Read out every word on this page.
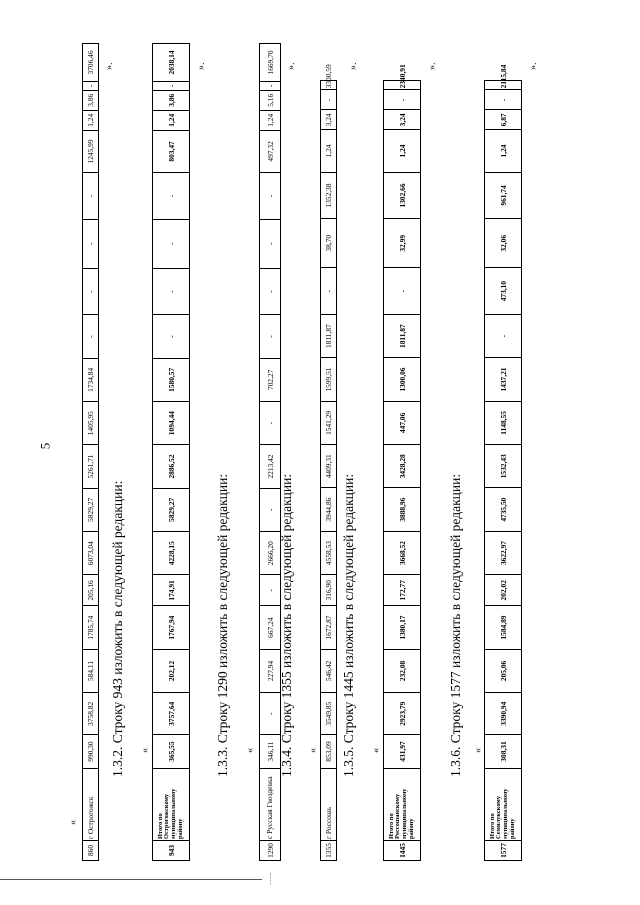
5
«
860	г Острогожск	990,30	3758,82	584,11	1785,74	205,16	6073,04	5829,27	5261,71	1405,95	1734,84	-	-	-	-	1245,99	1,24	3,86	-	3706,46 ».
1.3.2. Строку 943 изложить в следующей редакции: «
943	Итого по Острогожскому муниципальному району	365,55	3757,64	202,12	1767,94	174,91	4228,15	5829,27	2886,52	1094,44	1580,57	-	-	-	-	803,47	1,24	3,86	-	2038,14 ».
1.3.3. Строку 1290 изложить в следующей редакции: «
1290	с Русская Гвоздевка	346,11	-	227,94	667,24	-	2666,20	-	2213,42	-	702,27	-	-	-	-	497,32	1,24	5,16	-	1669,70 ».
1.3.4. Строку 1355 изложить в следующей редакции: «
1355	г Россошь	853,09	3549,85	546,42	1672,87	316,90	4558,53	3944,86	4409,31	1541,29	1599,51	1811,87	-	38,70	1352,38	1,24	3,24	-	3300,59 ».
1.3.5. Строку 1445 изложить в следующей редакции: «
1445	Итого по Россошанскому муниципальному району	431,97	2923,79	232,08	1380,17	172,77	3668,52	3888,96	3428,28	447,06	1300,06	1811,87	-	32,99	1302,66	1,24	3,24	-	2340,91 ».
1.3.6. Строку 1577 изложить в следующей редакции: «
1577	Итого по Семилукскому муниципальному району	308,31	3390,94	205,06	1584,89	202,02	3622,97	4735,50	1532,43	1148,55	1437,21	-	473,10	32,06	961,74	1,24	6,87	-	2115,84 ».
